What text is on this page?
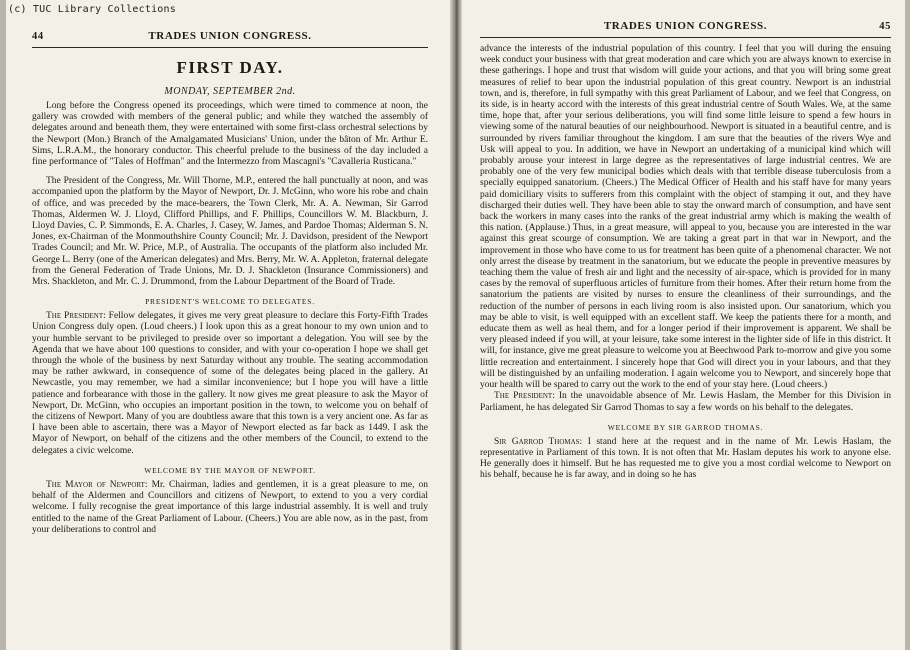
(c) TUC Library Collections
44	TRADES UNION CONGRESS.
FIRST DAY.
MONDAY, SEPTEMBER 2nd.

Long before the Congress opened its proceedings, which were timed to commence at noon, the gallery was crowded with members of the general public; and while they watched the assembly of delegates around and beneath them, they were entertained with some first-class orchestral selections by the Newport (Mon.) Branch of the Amalgamated Musicians' Union, under the bâton of Mr. Arthur E. Sims, L.R.A.M., the honorary conductor. This cheerful prelude to the business of the day included a fine performance of "Tales of Hoffman" and the Intermezzo from Mascagni's "Cavalleria Rusticana."

The President of the Congress, Mr. Will Thorne, M.P., entered the hall punctually at noon, and was accompanied upon the platform by the Mayor of Newport, Dr. J. McGinn, who wore his robe and chain of office, and was preceded by the mace-bearers, the Town Clerk, Mr. A. A. Newman, Sir Garrod Thomas, Aldermen W. J. Lloyd, Clifford Phillips, and F. Phillips, Councillors W. M. Blackburn, J. Lloyd Davies, C. P. Simmonds, E. A. Charles, J. Casey, W. James, and Pardoe Thomas; Alderman S. N. Jones, ex-Chairman of the Monmouthshire County Council; Mr. J. Davidson, president of the Newport Trades Council; and Mr. W. Price, M.P., of Australia. The occupants of the platform also included Mr. George L. Berry (one of the American delegates) and Mrs. Berry, Mr. W. A. Appleton, fraternal delegate from the General Federation of Trade Unions, Mr. D. J. Shackleton (Insurance Commissioners) and Mrs. Shackleton, and Mr. C. J. Drummond, from the Labour Department of the Board of Trade.

PRESIDENT'S WELCOME TO DELEGATES.

The President: Fellow delegates, it gives me very great pleasure to declare this Forty-Fifth Trades Union Congress duly open. (Loud cheers.) I look upon this as a great honour to my own union and to your humble servant to be privileged to preside over so important a delegation. You will see by the Agenda that we have about 100 questions to consider, and with your co-operation I hope we shall get through the whole of the business by next Saturday without any trouble. The seating accommodation may be rather awkward, in consequence of some of the delegates being placed in the gallery. At Newcastle, you may remember, we had a similar inconvenience; but I hope you will have a little patience and forbearance with those in the gallery. It now gives me great pleasure to ask the Mayor of Newport, Dr. McGinn, who occupies an important position in the town, to welcome you on behalf of the citizens of Newport. Many of you are doubtless aware that this town is a very ancient one. As far as I have been able to ascertain, there was a Mayor of Newport elected as far back as 1449. I ask the Mayor of Newport, on behalf of the citizens and the other members of the Council, to extend to the delegates a civic welcome.

WELCOME BY THE MAYOR OF NEWPORT.

The Mayor of Newport: Mr. Chairman, ladies and gentlemen, it is a great pleasure to me, on behalf of the Aldermen and Councillors and citizens of Newport, to extend to you a very cordial welcome. I fully recognise the great importance of this large industrial assembly. It is well and truly entitled to the name of the Great Parliament of Labour. (Cheers.) You are able now, as in the past, from your deliberations to control and

TRADES UNION CONGRESS.	45

advance the interests of the industrial population of this country. I feel that you will during the ensuing week conduct your business with that great moderation and care which you are always known to exercise in these gatherings. I hope and trust that wisdom will guide your actions, and that you will bring some great measures of relief to bear upon the industrial population of this great country. Newport is an industrial town, and is, therefore, in full sympathy with this great Parliament of Labour, and we feel that Congress, on its side, is in hearty accord with the interests of this great industrial centre of South Wales. We, at the same time, hope that, after your serious deliberations, you will find some little leisure to spend a few hours in viewing some of the natural beauties of our neighbourhood. Newport is situated in a beautiful centre, and is surrounded by rivers familiar throughout the kingdom. I am sure that the beauties of the rivers Wye and Usk will appeal to you. In addition, we have in Newport an undertaking of a municipal kind which will probably arouse your interest in large degree as the representatives of large industrial centres. We are probably one of the very few municipal bodies which deals with that terrible disease tuberculosis from a specially equipped sanatorium. (Cheers.) The Medical Officer of Health and his staff have for many years paid domiciliary visits to sufferers from this complaint with the object of stamping it out, and they have discharged their duties well. They have been able to stay the onward march of consumption, and have sent back the workers in many cases into the ranks of the great industrial army which is making the wealth of this nation. (Applause.) Thus, in a great measure, will appeal to you, because you are interested in the war against this great scourge of consumption. We are taking a great part in that war in Newport, and the improvement in those who have come to us for treatment has been quite of a phenomenal character. We not only arrest the disease by treatment in the sanatorium, but we educate the people in preventive measures by teaching them the value of fresh air and light and the necessity of air-space, which is provided for in many cases by the removal of superfluous articles of furniture from their homes. After their return home from the sanatorium the patients are visited by nurses to ensure the cleanliness of their surroundings, and the reduction of the number of persons in each living room is also insisted upon. Our sanatorium, which you may be able to visit, is well equipped with an excellent staff. We keep the patients there for a month, and educate them as well as heal them, and for a longer period if their improvement is apparent. We shall be very pleased indeed if you will, at your leisure, take some interest in the lighter side of life in this district. It will, for instance, give me great pleasure to welcome you at Beechwood Park to-morrow and give you some little recreation and entertainment. I sincerely hope that God will direct you in your labours, and that they will be distinguished by an unfailing moderation. I again welcome you to Newport, and sincerely hope that your health will be spared to carry out the work to the end of your stay here. (Loud cheers.)

The President: In the unavoidable absence of Mr. Lewis Haslam, the Member for this Division in Parliament, he has delegated Sir Garrod Thomas to say a few words on his behalf to the delegates.

WELCOME BY SIR GARROD THOMAS.

Sir Garrod Thomas: I stand here at the request and in the name of Mr. Lewis Haslam, the representative in Parliament of this town. It is not often that Mr. Haslam deputes his work to anyone else. He generally does it himself. But he has requested me to give you a most cordial welcome to Newport on his behalf, because he is far away, and in doing so he has
